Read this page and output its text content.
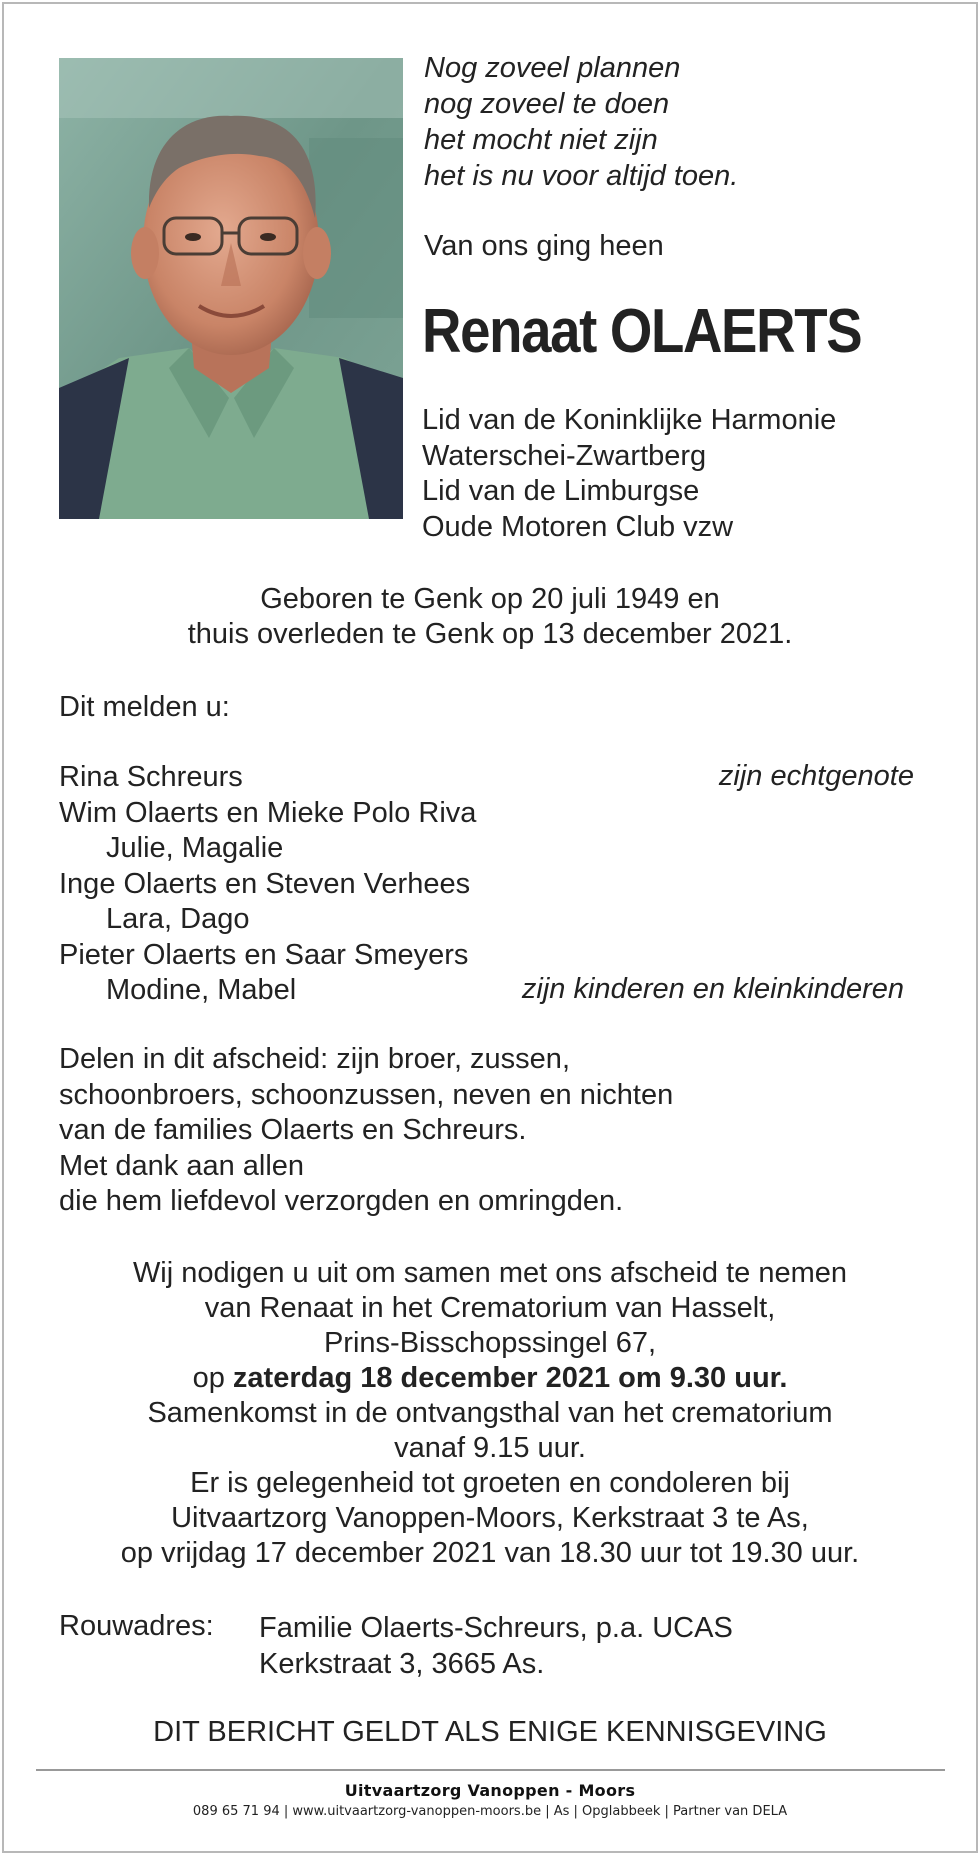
Nog zoveel plannen
nog zoveel te doen
het mocht niet zijn
het is nu voor altijd toen.
Van ons ging heen
Renaat OLAERTS
Lid van de Koninklijke Harmonie
Waterschei-Zwartberg
Lid van de Limburgse
Oude Motoren Club vzw
Geboren te Genk op 20 juli 1949 en
thuis overleden te Genk op 13 december 2021.
Dit melden u:
Rina Schreurs
Wim Olaerts en Mieke Polo Riva
Julie, Magalie
Inge Olaerts en Steven Verhees
Lara, Dago
Pieter Olaerts en Saar Smeyers
Modine, Mabel
zijn echtgenote
zijn kinderen en kleinkinderen
Delen in dit afscheid: zijn broer, zussen,
schoonbroers, schoonzussen, neven en nichten
van de families Olaerts en Schreurs.
Met dank aan allen
die hem liefdevol verzorgden en omringden.
Wij nodigen u uit om samen met ons afscheid te nemen
van Renaat in het Crematorium van Hasselt,
Prins-Bisschopssingel 67,
op zaterdag 18 december 2021 om 9.30 uur.
Samenkomst in de ontvangsthal van het crematorium
vanaf 9.15 uur.
Er is gelegenheid tot groeten en condoleren bij
Uitvaartzorg Vanoppen-Moors, Kerkstraat 3 te As,
op vrijdag 17 december 2021 van 18.30 uur tot 19.30 uur.
Rouwadres: Familie Olaerts-Schreurs, p.a. UCAS
Kerkstraat 3, 3665 As.
DIT BERICHT GELDT ALS ENIGE KENNISGEVING
Uitvaartzorg Vanoppen - Moors
089 65 71 94 | www.uitvaartzorg-vanoppen-moors.be | As | Opglabbeek | Partner van DELA
